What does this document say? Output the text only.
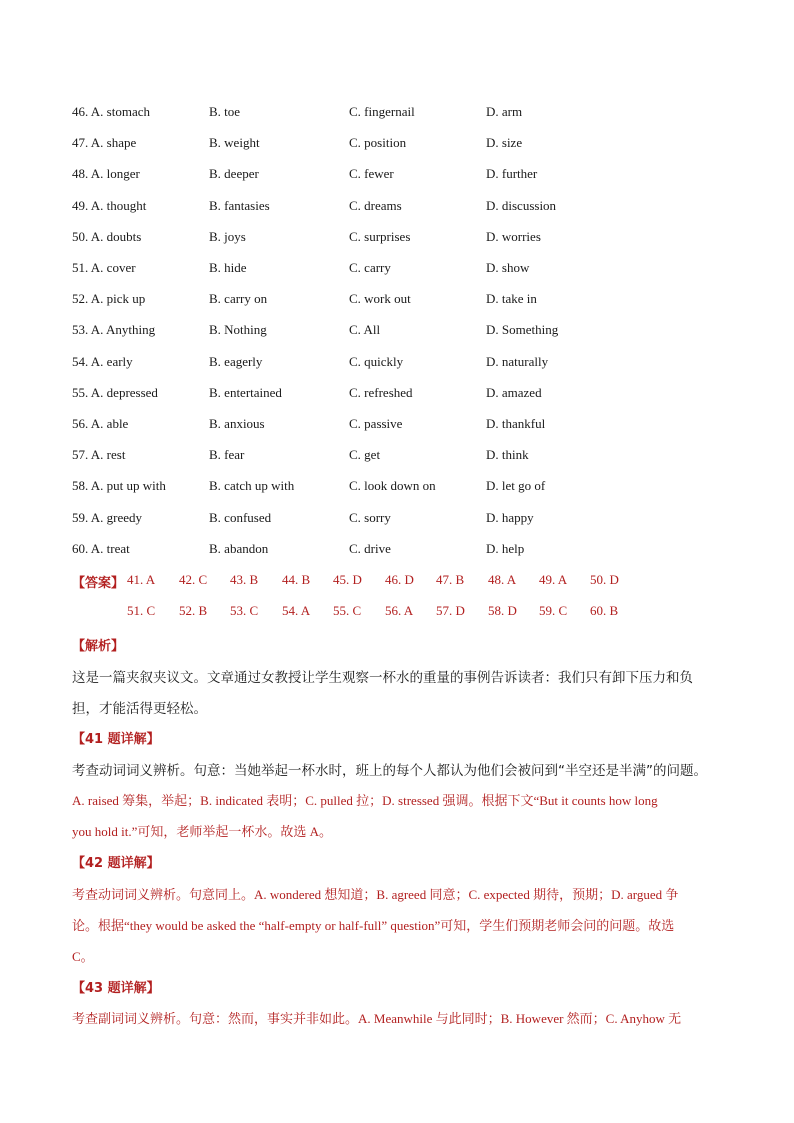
46. A. stomach	B. toe	C. fingernail	D. arm
47. A. shape	B. weight	C. position	D. size
48. A. longer	B. deeper	C. fewer	D. further
49. A. thought	B. fantasies	C. dreams	D. discussion
50. A. doubts	B. joys	C. surprises	D. worries
51. A. cover	B. hide	C. carry	D. show
52. A. pick up	B. carry on	C. work out	D. take in
53. A. Anything	B. Nothing	C. All	D. Something
54. A. early	B. eagerly	C. quickly	D. naturally
55. A. depressed	B. entertained	C. refreshed	D. amazed
56. A. able	B. anxious	C. passive	D. thankful
57. A. rest	B. fear	C. get	D. think
58. A. put up with	B. catch up with	C. look down on	D. let go of
59. A. greedy	B. confused	C. sorry	D. happy
60. A. treat	B. abandon	C. drive	D. help
【答案】 41. A 42. C 43. B 44. B 45. D 46. D 47. B 48. A 49. A 50. D
51. C 52. B 53. C 54. A 55. C 56. A 57. D 58. D 59. C 60. B
【解析】
这是一篇夹叙夹议文。文章通过女教授让学生观察一杯水的重量的事例告诉读者：我们只有卸下压力和负
担，才能活得更轻松。
【41 题详解】
考查动词词义辨析。句意：当她举起一杯水时，班上的每个人都认为他们会被问到“半空还是半满”的问题。
A. raised 筹集，举起；B. indicated 表明；C. pulled 拉；D. stressed 强调。根据下文“But it counts how long
you hold it.”可知，老师举起一杯水。故选 A。
【42 题详解】
考查动词词义辨析。句意同上。A. wondered 想知道；B. agreed 同意；C. expected 期待，预期；D. argued 争
论。根据“they would be asked the “half-empty or half-full” question”可知，学生们预期老师会问的问题。故选
C。
【43 题详解】
考查副词词义辨析。句意：然而，事实并非如此。A. Meanwhile 与此同时；B. However 然而；C. Anyhow 无
